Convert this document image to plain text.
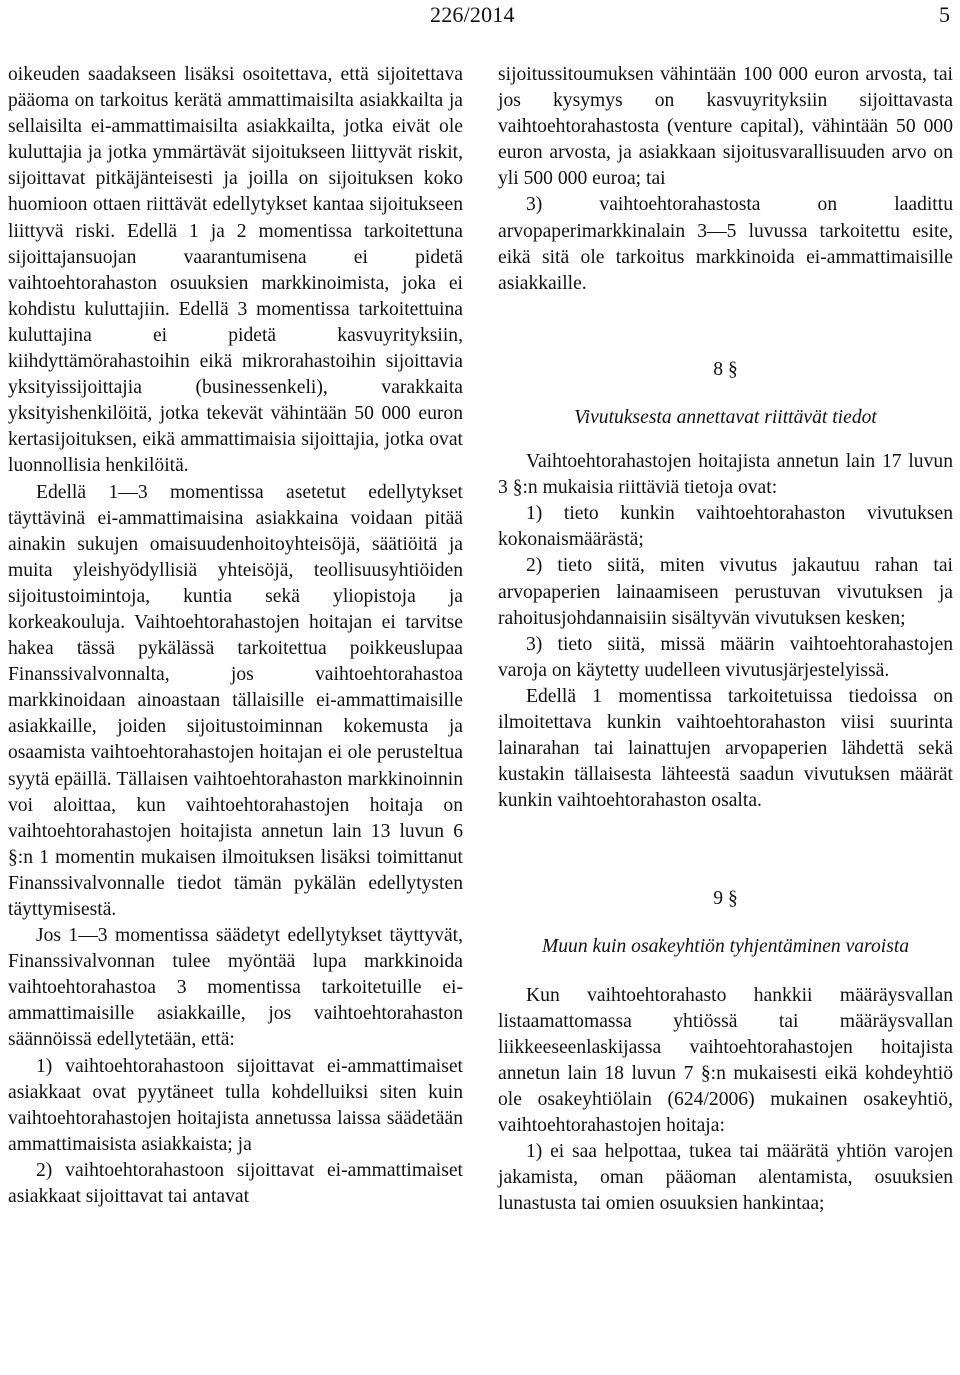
226/2014	5

oikeuden saadakseen lisäksi osoitettava, että sijoitettava pääoma on tarkoitus kerätä ammattimaisilta asiakkailta ja sellaisilta ei-ammattimaisilta asiakkailta, jotka eivät ole kuluttajia ja jotka ymmärtävät sijoitukseen liittyvät riskit, sijoittavat pitkäjänteisesti ja joilla on sijoituksen koko huomioon ottaen riittävät edellytykset kantaa sijoitukseen liittyvä riski. Edellä 1 ja 2 momentissa tarkoitettuna sijoittajansuojan vaarantumisena ei pidetä vaihtoehtorahaston osuuksien markkinoimista, joka ei kohdistu kuluttajiin. Edellä 3 momentissa tarkoitettuina kuluttajina ei pidetä kasvuyrityksiin, kiihdyttämörahastoihin eikä mikrorahastoihin sijoittavia yksityissijoittajia (businessenkeli), varakkaita yksityishenkilöitä, jotka tekevät vähintään 50 000 euron kertasijoituksen, eikä ammattimaisia sijoittajia, jotka ovat luonnollisia henkilöitä.

Edellä 1—3 momentissa asetetut edellytykset täyttävinä ei-ammattimaisina asiakkaina voidaan pitää ainakin sukujen omaisuudenhoitoyhteisöjä, säätiöitä ja muita yleishyödyllisiä yhteisöjä, teollisuusyhtiöiden sijoitustoimintoja, kuntia sekä yliopistoja ja korkeakouluja. Vaihtoehtorahastojen hoitajan ei tarvitse hakea tässä pykälässä tarkoitettua poikkeuslupaa Finanssivalvonnalta, jos vaihtoehtorahastoa markkinoidaan ainoastaan tällaisille ei-ammattimaisille asiakkaille, joiden sijoitustoiminnan kokemusta ja osaamista vaihtoehtorahastojen hoitajan ei ole perusteltua syytä epäillä. Tällaisen vaihtoehtorahaston markkinoinnin voi aloittaa, kun vaihtoehtorahastojen hoitaja on vaihtoehtorahastojen hoitajista annetun lain 13 luvun 6 §:n 1 momentin mukaisen ilmoituksen lisäksi toimittanut Finanssivalvonnalle tiedot tämän pykälän edellytysten täyttymisestä.

Jos 1—3 momentissa säädetyt edellytykset täyttyvät, Finanssivalvonnan tulee myöntää lupa markkinoida vaihtoehtorahastoa 3 momentissa tarkoitetuille ei-ammattimaisille asiakkaille, jos vaihtoehtorahaston säännöissä edellytetään, että:

1) vaihtoehtorahastoon sijoittavat ei-ammattimaiset asiakkaat ovat pyytäneet tulla kohdelluiksi siten kuin vaihtoehtorahastojen hoitajista annetussa laissa säädetään ammattimaisista asiakkaista; ja

2) vaihtoehtorahastoon sijoittavat ei-ammattimaiset asiakkaat sijoittavat tai antavat

sijoitussitoumuksen vähintään 100 000 euron arvosta, tai jos kysymys on kasvuyrityksiin sijoittavasta vaihtoehtorahastosta (venture capital), vähintään 50 000 euron arvosta, ja asiakkaan sijoitusvarallisuuden arvo on yli 500 000 euroa; tai

3) vaihtoehtorahastosta on laadittu arvopaperimarkkinalain 3—5 luvussa tarkoitettu esite, eikä sitä ole tarkoitus markkinoida ei-ammattimaisille asiakkaille.

8 §

Vivutuksesta annettavat riittävät tiedot

Vaihtoehtorahastojen hoitajista annetun lain 17 luvun 3 §:n mukaisia riittäviä tietoja ovat:

1) tieto kunkin vaihtoehtorahaston vivutuksen kokonaismäärästä;

2) tieto siitä, miten vivutus jakautuu rahan tai arvopaperien lainaamiseen perustuvan vivutuksen ja rahoitusjohdannaisiin sisältyvän vivutuksen kesken;

3) tieto siitä, missä määrin vaihtoehtorahastojen varoja on käytetty uudelleen vivutusjärjestelyissä.

Edellä 1 momentissa tarkoitetuissa tiedoissa on ilmoitettava kunkin vaihtoehtorahaston viisi suurinta lainarahan tai lainattujen arvopaperien lähdettä sekä kustakin tällaisesta lähteestä saadun vivutuksen määrät kunkin vaihtoehtorahaston osalta.

9 §

Muun kuin osakeyhtiön tyhjentäminen varoista

Kun vaihtoehtorahasto hankkii määräysvallan listaamattomassa yhtiössä tai määräysvallan liikkeeseenlaskijassa vaihtoehtorahastojen hoitajista annetun lain 18 luvun 7 §:n mukaisesti eikä kohdeyhtiö ole osakeyhtiölain (624/2006) mukainen osakeyhtiö, vaihtoehtorahastojen hoitaja:

1) ei saa helpottaa, tukea tai määrätä yhtiön varojen jakamista, oman pääoman alentamista, osuuksien lunastusta tai omien osuuksien hankintaa;
